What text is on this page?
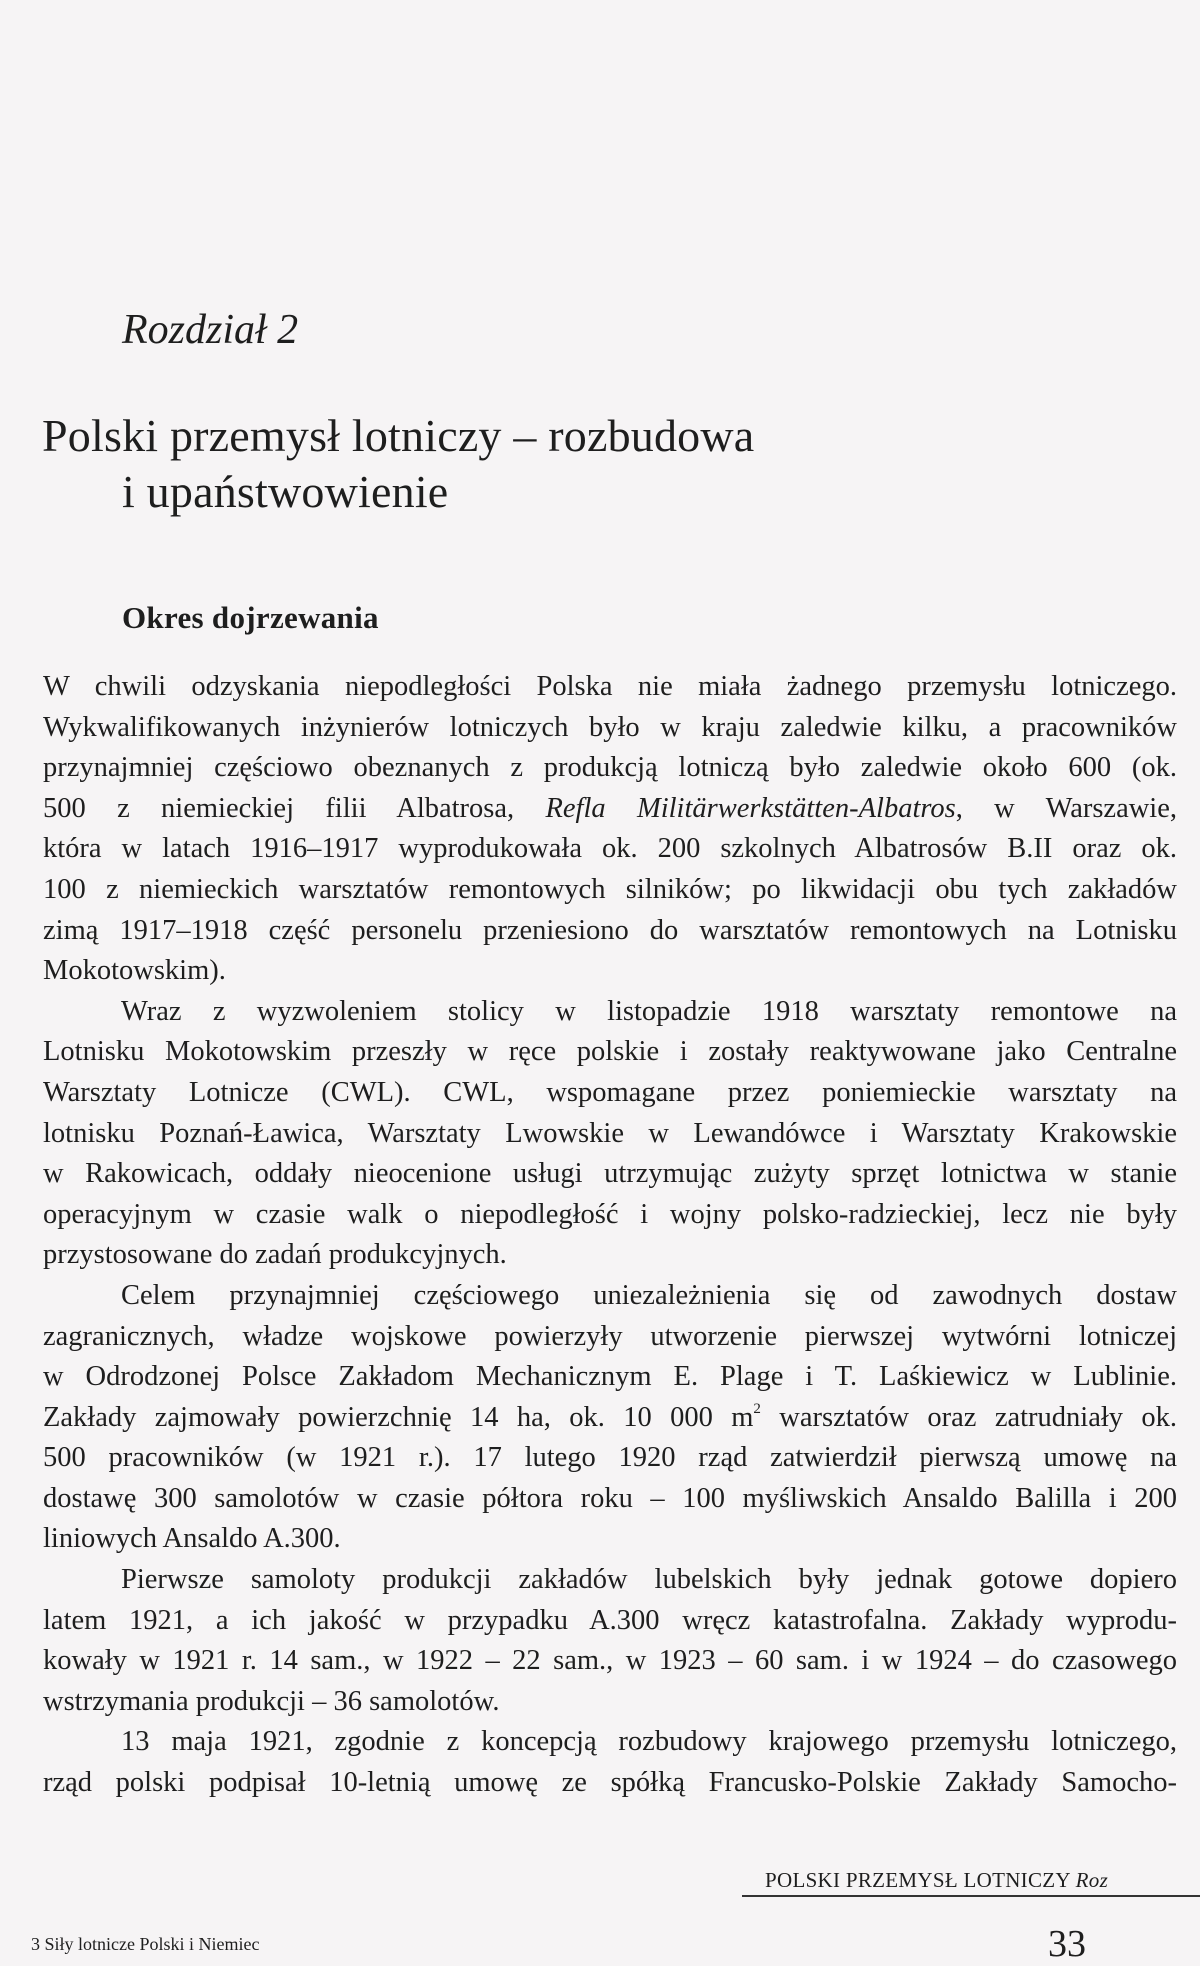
Rozdział 2
Polski przemysł lotniczy – rozbudowa
i upaństwowienie
Okres dojrzewania
W chwili odzyskania niepodległości Polska nie miała żadnego przemysłu lotniczego.
Wykwalifikowanych inżynierów lotniczych było w kraju zaledwie kilku, a pracowników
przynajmniej częściowo obeznanych z produkcją lotniczą było zaledwie około 600 (ok.
500 z niemieckiej filii Albatrosa, Refla Militärwerkstätten-Albatros, w Warszawie,
która w latach 1916–1917 wyprodukowała ok. 200 szkolnych Albatrosów B.II oraz ok.
100 z niemieckich warsztatów remontowych silników; po likwidacji obu tych zakładów
zimą 1917–1918 część personelu przeniesiono do warsztatów remontowych na Lotnisku
Mokotowskim).
Wraz z wyzwoleniem stolicy w listopadzie 1918 warsztaty remontowe na
Lotnisku Mokotowskim przeszły w ręce polskie i zostały reaktywowane jako Centralne
Warsztaty Lotnicze (CWL). CWL, wspomagane przez poniemieckie warsztaty na
lotnisku Poznań-Ławica, Warsztaty Lwowskie w Lewandówce i Warsztaty Krakowskie
w Rakowicach, oddały nieocenione usługi utrzymując zużyty sprzęt lotnictwa w stanie
operacyjnym w czasie walk o niepodległość i wojny polsko-radzieckiej, lecz nie były
przystosowane do zadań produkcyjnych.
Celem przynajmniej częściowego uniezależnienia się od zawodnych dostaw
zagranicznych, władze wojskowe powierzyły utworzenie pierwszej wytwórni lotniczej
w Odrodzonej Polsce Zakładom Mechanicznym E. Plage i T. Laśkiewicz w Lublinie.
Zakłady zajmowały powierzchnię 14 ha, ok. 10 000 $m^2$ warsztatów oraz zatrudniały ok.
500 pracowników (w 1921 r.). 17 lutego 1920 rząd zatwierdził pierwszą umowę na
dostawę 300 samolotów w czasie półtora roku – 100 myśliwskich Ansaldo Balilla i 200
liniowych Ansaldo A.300.
Pierwsze samoloty produkcji zakładów lubelskich były jednak gotowe dopiero
latem 1921, a ich jakość w przypadku A.300 wręcz katastrofalna. Zakłady wyprodu-
kowały w 1921 r. 14 sam., w 1922 – 22 sam., w 1923 – 60 sam. i w 1924 – do czasowego
wstrzymania produkcji – 36 samolotów.
13 maja 1921, zgodnie z koncepcją rozbudowy krajowego przemysłu lotniczego,
rząd polski podpisał 10-letnią umowę ze spółką Francusko-Polskie Zakłady Samocho-
POLSKI PRZEMYSŁ LOTNICZY Roz
3 Siły lotnicze Polski i Niemiec	33
